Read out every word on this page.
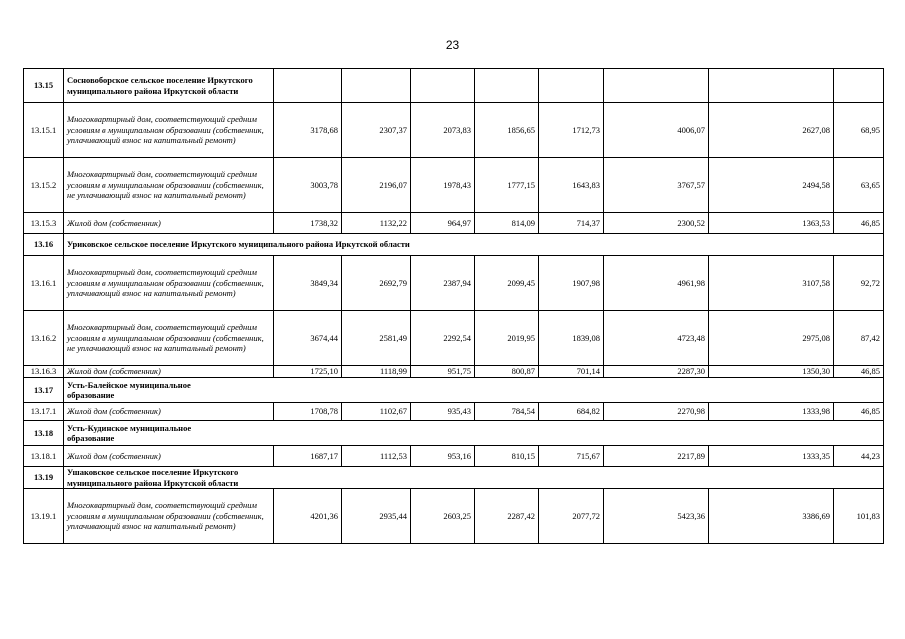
23
13.15	Сосновоборское сельское поселение Иркутского муниципального района Иркутской области								
13.15.1	Многоквартирный дом, соответствующий средним условиям в муниципальном образовании (собственник, уплачивающий взнос на капитальный ремонт)	3178,68	2307,37	2073,83	1856,65	1712,73	4006,07	2627,08	68,95
13.15.2	Многоквартирный дом, соответствующий средним условиям в муниципальном образовании (собственник, не уплачивающий взнос на капитальный ремонт)	3003,78	2196,07	1978,43	1777,15	1643,83	3767,57	2494,58	63,65
13.15.3	Жилой дом (собственник)	1738,32	1132,22	964,97	814,09	714,37	2300,52	1363,53	46,85
13.16	Уриковское сельское поселение Иркутского муниципального района Иркутской области								
13.16.1	Многоквартирный дом, соответствующий средним условиям в муниципальном образовании (собственник, уплачивающий взнос на капитальный ремонт)	3849,34	2692,79	2387,94	2099,45	1907,98	4961,98	3107,58	92,72
13.16.2	Многоквартирный дом, соответствующий средним условиям в муниципальном образовании (собственник, не уплачивающий взнос на капитальный ремонт)	3674,44	2581,49	2292,54	2019,95	1839,08	4723,48	2975,08	87,42
13.16.3	Жилой дом (собственник)	1725,10	1118,99	951,75	800,87	701,14	2287,30	1350,30	46,85
13.17	Усть-Балейское муниципальное образование								
13.17.1	Жилой дом (собственник)	1708,78	1102,67	935,43	784,54	684,82	2270,98	1333,98	46,85
13.18	Усть-Кудинское муниципальное образование								
13.18.1	Жилой дом (собственник)	1687,17	1112,53	953,16	810,15	715,67	2217,89	1333,35	44,23
13.19	Ушаковское сельское поселение Иркутского муниципального района Иркутской области								
13.19.1	Многоквартирный дом, соответствующий средним условиям в муниципальном образовании (собственник, уплачивающий взнос на капитальный ремонт)	4201,36	2935,44	2603,25	2287,42	2077,72	5423,36	3386,69	101,83
